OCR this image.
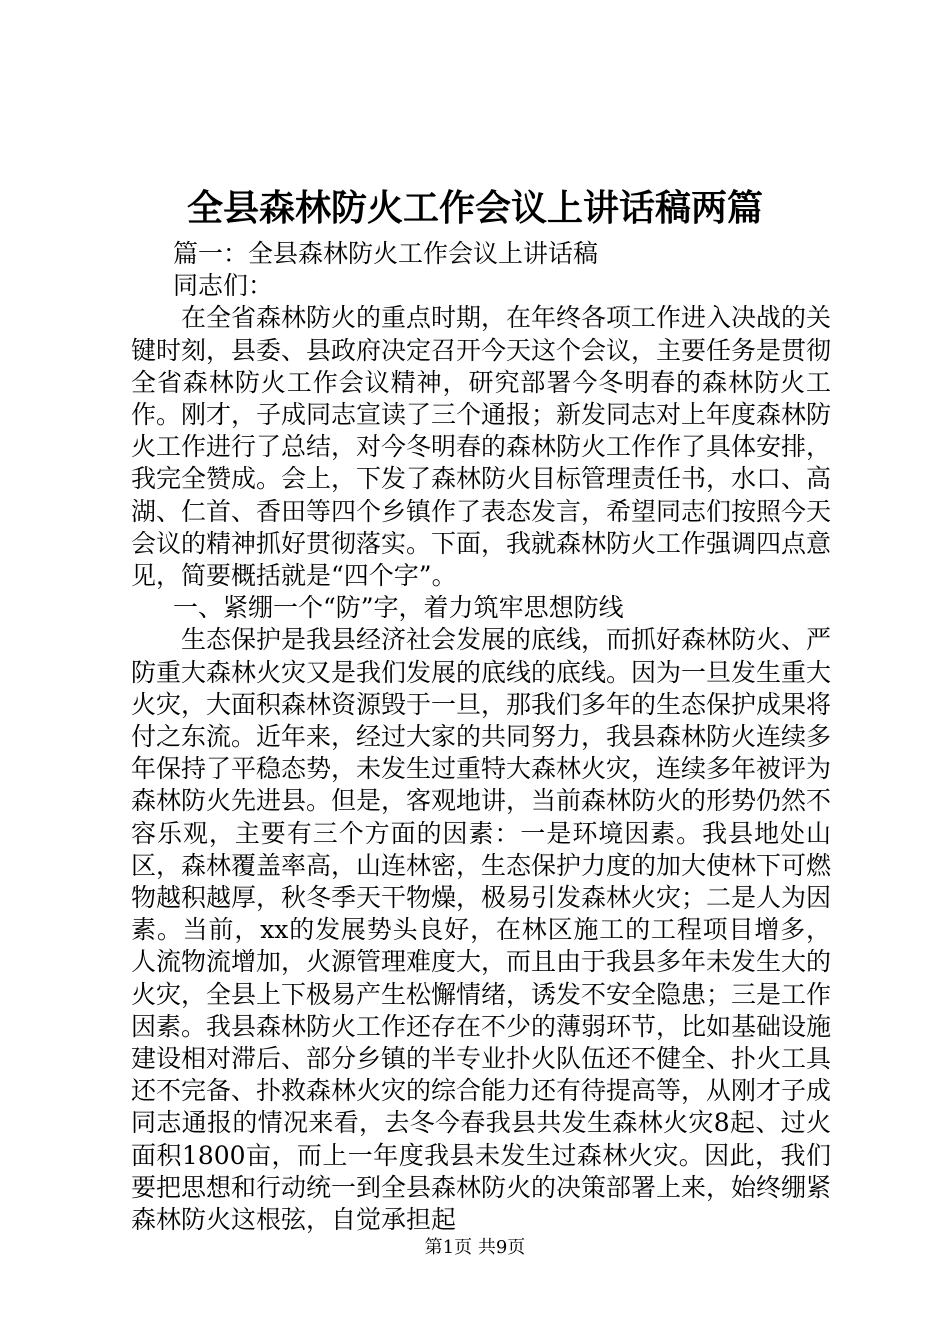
全县森林防火工作会议上讲话稿两篇

篇一：全县森林防火工作会议上讲话稿

同志们：

在全省森林防火的重点时期，在年终各项工作进入决战的关键时刻，县委、县政府决定召开今天这个会议，主要任务是贯彻全省森林防火工作会议精神，研究部署今冬明春的森林防火工作。刚才，子成同志宣读了三个通报；新发同志对上年度森林防火工作进行了总结，对今冬明春的森林防火工作作了具体安排，我完全赞成。会上，下发了森林防火目标管理责任书，水口、高湖、仁首、香田等四个乡镇作了表态发言，希望同志们按照今天会议的精神抓好贯彻落实。下面，我就森林防火工作强调四点意见，简要概括就是“四个字”。

一、紧绷一个“防”字，着力筑牢思想防线

生态保护是我县经济社会发展的底线，而抓好森林防火、严防重大森林火灾又是我们发展的底线的底线。因为一旦发生重大火灾，大面积森林资源毁于一旦，那我们多年的生态保护成果将付之东流。近年来，经过大家的共同努力，我县森林防火连续多年保持了平稳态势，未发生过重特大森林火灾，连续多年被评为森林防火先进县。但是，客观地讲，当前森林防火的形势仍然不容乐观，主要有三个方面的因素：一是环境因素。我县地处山区，森林覆盖率高，山连林密，生态保护力度的加大使林下可燃物越积越厚，秋冬季天干物燥，极易引发森林火灾；二是人为因素。当前，xx的发展势头良好，在林区施工的工程项目增多，人流物流增加，火源管理难度大，而且由于我县多年未发生大的火灾，全县上下极易产生松懈情绪，诱发不安全隐患；三是工作因素。我县森林防火工作还存在不少的薄弱环节，比如基础设施建设相对滞后、部分乡镇的半专业扑火队伍还不健全、扑火工具还不完备、扑救森林火灾的综合能力还有待提高等，从刚才子成同志通报的情况来看，去冬今春我县共发生森林火灾8起、过火面积1800亩，而上一年度我县未发生过森林火灾。因此，我们要把思想和行动统一到全县森林防火的决策部署上来，始终绷紧森林防火这根弦，自觉承担起

第1页 共9页
